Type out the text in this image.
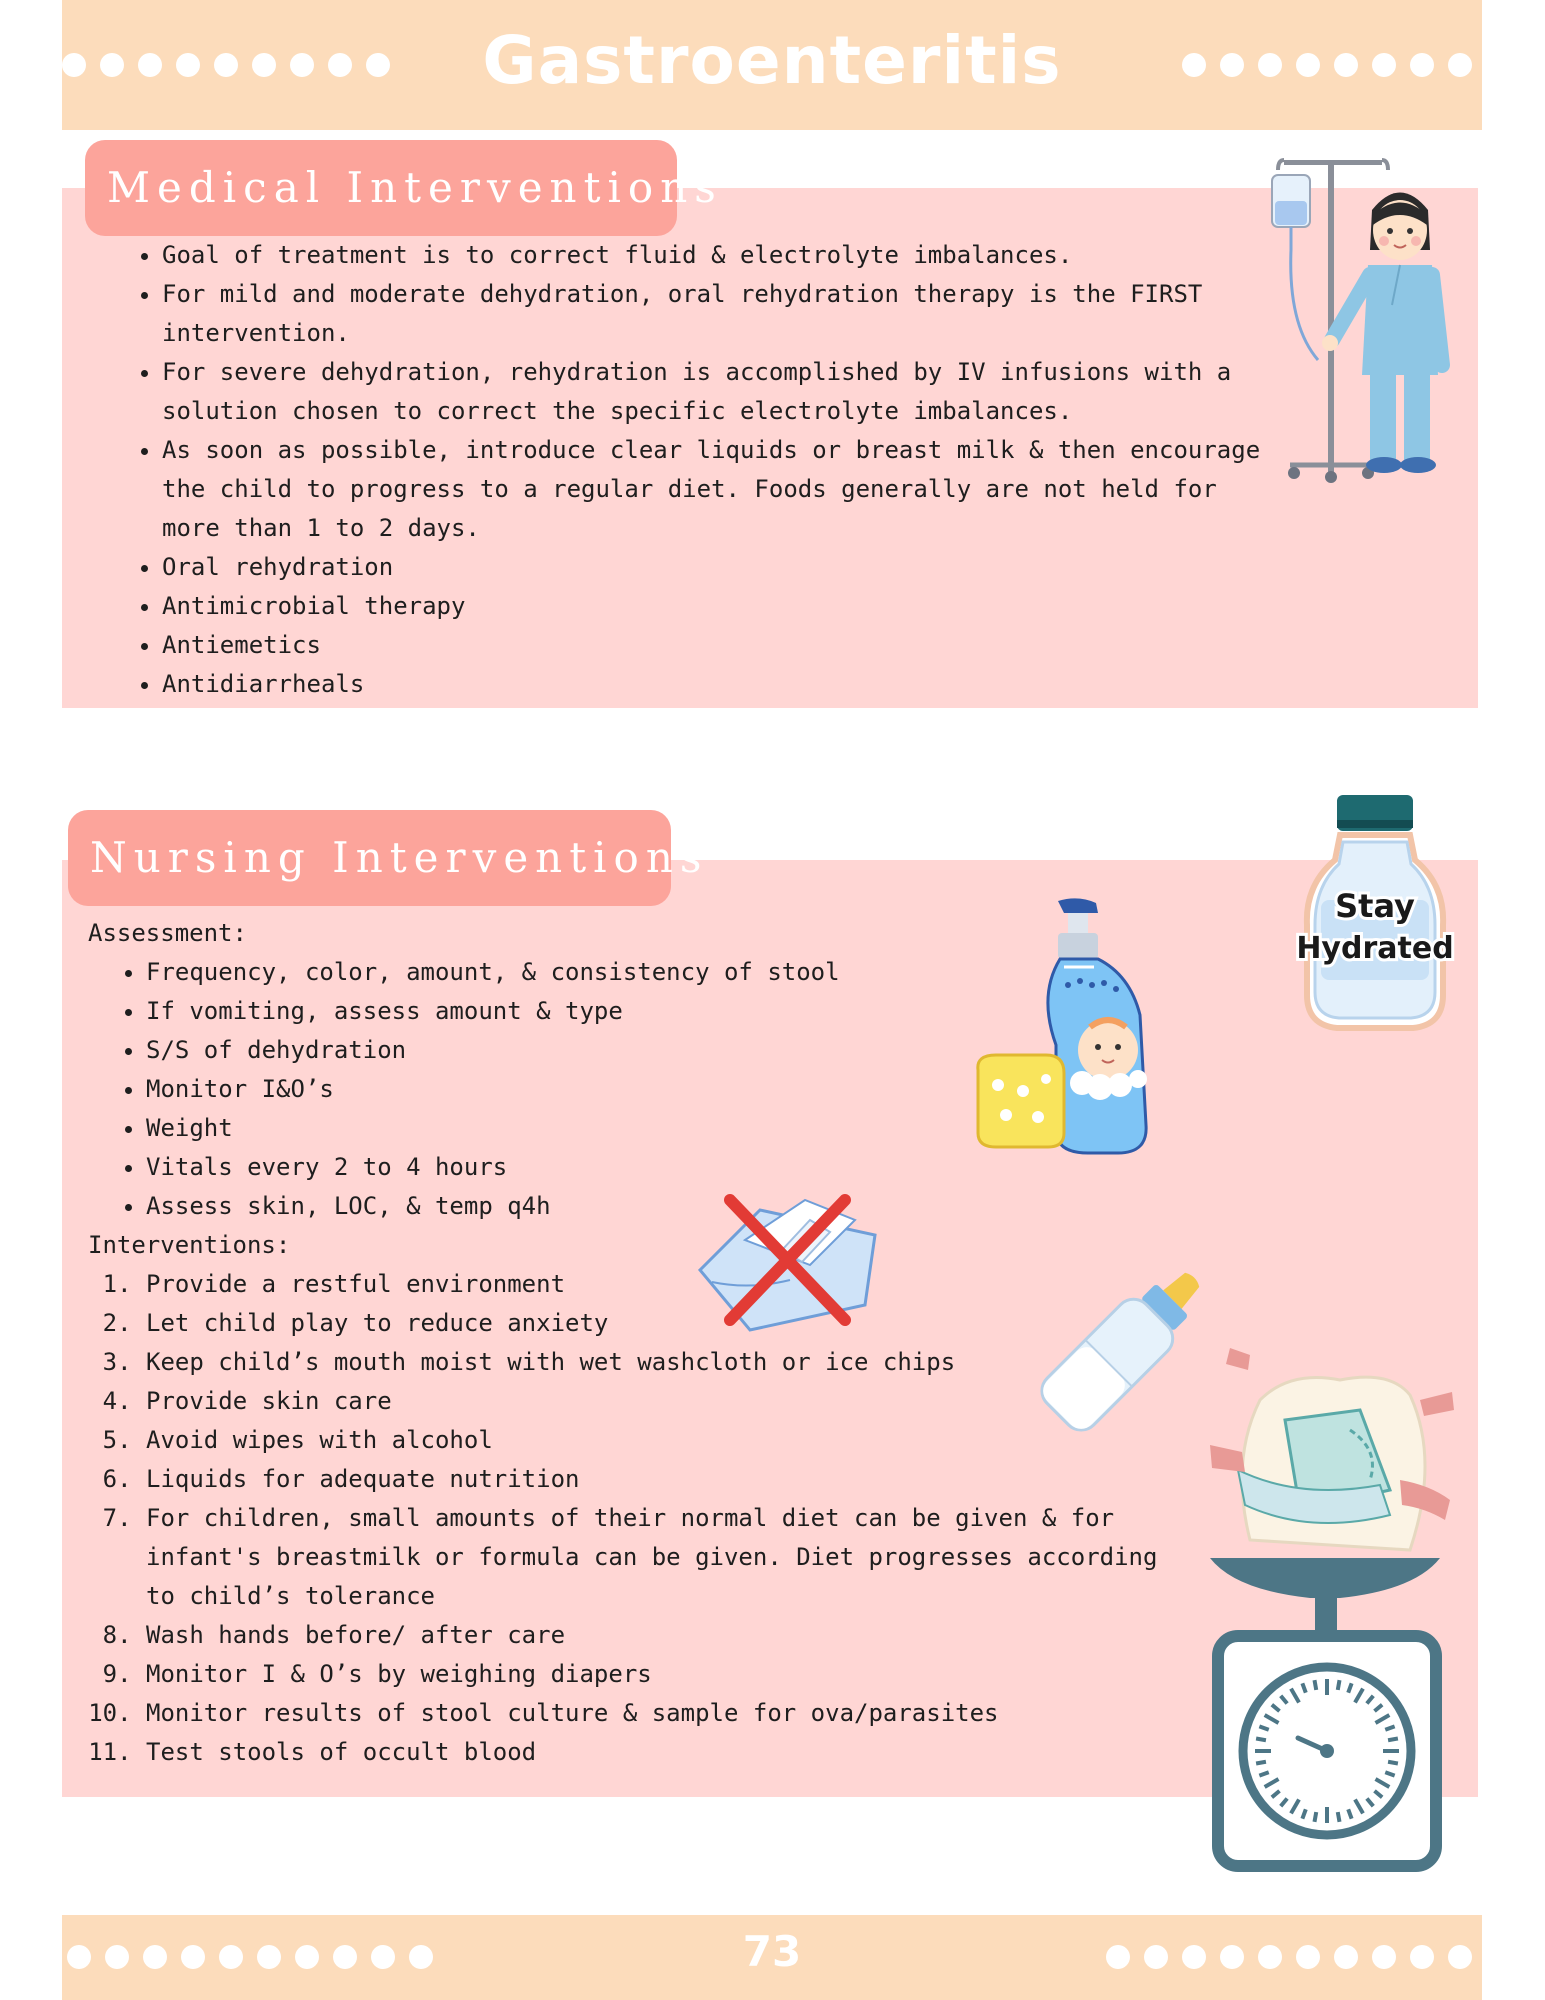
Gastroenteritis
Medical Interventions
• Goal of treatment is to correct fluid & electrolyte imbalances.
• For mild and moderate dehydration, oral rehydration therapy is the FIRST intervention.
• For severe dehydration, rehydration is accomplished by IV infusions with a solution chosen to correct the specific electrolyte imbalances.
• As soon as possible, introduce clear liquids or breast milk & then encourage the child to progress to a regular diet. Foods generally are not held for more than 1 to 2 days.
• Oral rehydration
• Antimicrobial therapy
• Antiemetics
• Antidiarrheals
Nursing Interventions
Assessment:
• Frequency, color, amount, & consistency of stool
• If vomiting, assess amount & type
• S/S of dehydration
• Monitor I&O’s
• Weight
• Vitals every 2 to 4 hours
• Assess skin, LOC, & temp q4h
Interventions:
1. Provide a restful environment
2. Let child play to reduce anxiety
3. Keep child’s mouth moist with wet washcloth or ice chips
4. Provide skin care
5. Avoid wipes with alcohol
6. Liquids for adequate nutrition
7. For children, small amounts of their normal diet can be given & for infant's breastmilk or formula can be given. Diet progresses according to child’s tolerance
8. Wash hands before/ after care
9. Monitor I & O’s by weighing diapers
10. Monitor results of stool culture & sample for ova/parasites
11. Test stools of occult blood
Stay
Hydrated
73
